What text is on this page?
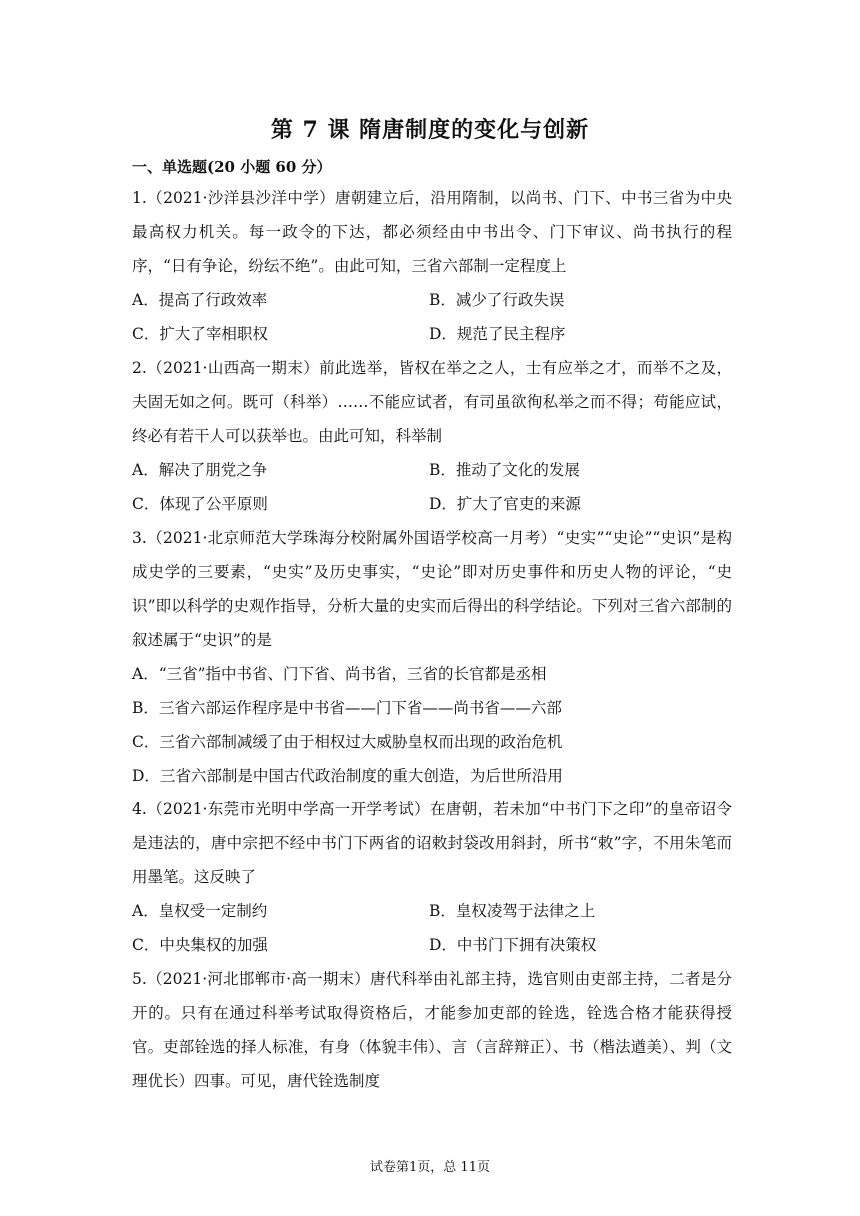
第 7 课 隋唐制度的变化与创新
一、单选题(20 小题 60 分）

1.（2021·沙洋县沙洋中学）唐朝建立后，沿用隋制，以尚书、门下、中书三省为中央最高权力机关。每一政令的下达，都必须经由中书出令、门下审议、尚书执行的程序，“日有争论，纷纭不绝”。由此可知，三省六部制一定程度上

A．提高了行政效率	B．减少了行政失误
C．扩大了宰相职权	D．规范了民主程序

2.（2021·山西高一期末）前此选举，皆权在举之之人，士有应举之才，而举不之及，夫固无如之何。既可（科举）……不能应试者，有司虽欲徇私举之而不得；苟能应试，终必有若干人可以获举也。由此可知，科举制

A．解决了朋党之争	B．推动了文化的发展
C．体现了公平原则	D．扩大了官吏的来源

3.（2021·北京师范大学珠海分校附属外国语学校高一月考）“史实”“史论”“史识”是构成史学的三要素，“史实”及历史事实，“史论”即对历史事件和历史人物的评论，“史识”即以科学的史观作指导，分析大量的史实而后得出的科学结论。下列对三省六部制的叙述属于“史识”的是

A．“三省”指中书省、门下省、尚书省，三省的长官都是丞相
B．三省六部运作程序是中书省——门下省——尚书省——六部
C．三省六部制减缓了由于相权过大威胁皇权而出现的政治危机
D．三省六部制是中国古代政治制度的重大创造，为后世所沿用

4.（2021·东莞市光明中学高一开学考试）在唐朝，若未加“中书门下之印”的皇帝诏令是违法的，唐中宗把不经中书门下两省的诏敕封袋改用斜封，所书“敕”字，不用朱笔而用墨笔。这反映了

A．皇权受一定制约	B．皇权凌驾于法律之上
C．中央集权的加强	D．中书门下拥有决策权

5.（2021·河北邯郸市·高一期末）唐代科举由礼部主持，选官则由吏部主持，二者是分开的。只有在通过科举考试取得资格后，才能参加吏部的铨选，铨选合格才能获得授官。吏部铨选的择人标准，有身（体貌丰伟）、言（言辞辩正）、书（楷法遒美）、判（文理优长）四事。可见，唐代铨选制度

试卷第1页，总 11页
